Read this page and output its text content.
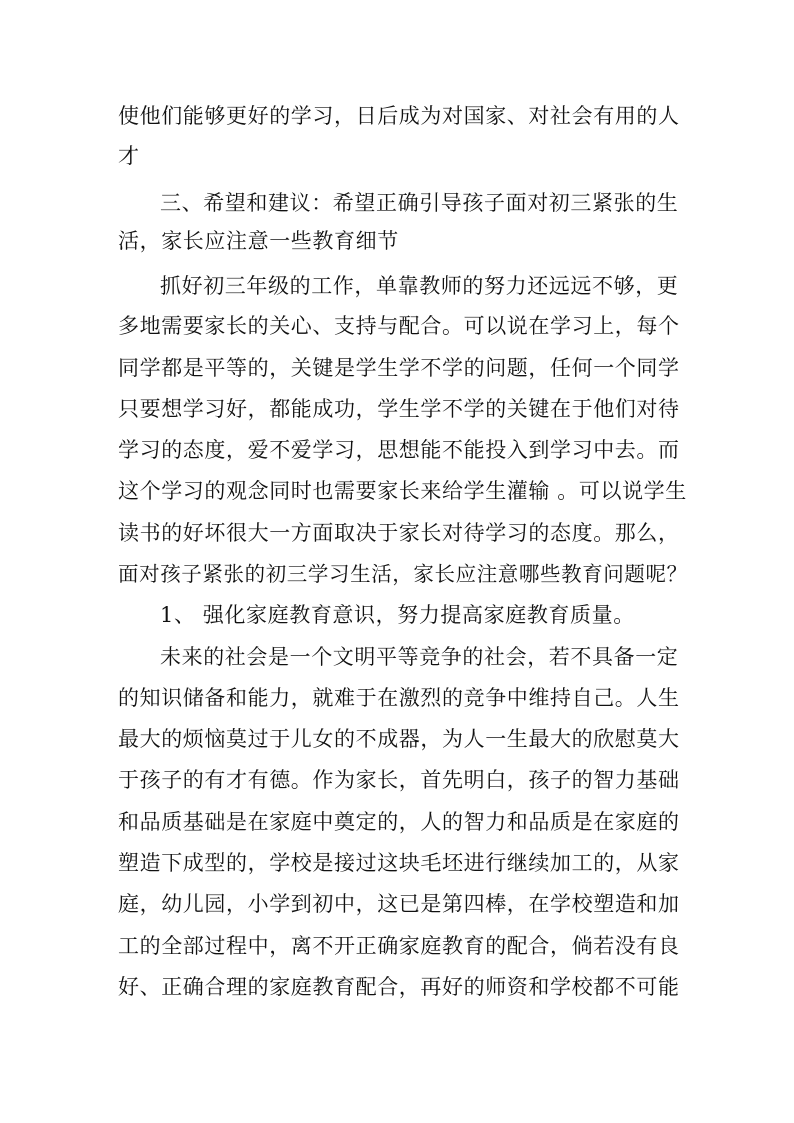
使他们能够更好的学习，日后成为对国家、对社会有用的人
才
三、希望和建议：希望正确引导孩子面对初三紧张的生
活，家长应注意一些教育细节
抓好初三年级的工作，单靠教师的努力还远远不够，更
多地需要家长的关心、支持与配合。可以说在学习上，每个
同学都是平等的，关键是学生学不学的问题，任何一个同学
只要想学习好，都能成功，学生学不学的关键在于他们对待
学习的态度，爱不爱学习，思想能不能投入到学习中去。而
这个学习的观念同时也需要家长来给学生灌输 。可以说学生
读书的好坏很大一方面取决于家长对待学习的态度。那么，
面对孩子紧张的初三学习生活，家长应注意哪些教育问题呢？
1、 强化家庭教育意识，努力提高家庭教育质量。
未来的社会是一个文明平等竞争的社会，若不具备一定
的知识储备和能力，就难于在激烈的竞争中维持自己。人生
最大的烦恼莫过于儿女的不成器，为人一生最大的欣慰莫大
于孩子的有才有德。作为家长，首先明白，孩子的智力基础
和品质基础是在家庭中奠定的，人的智力和品质是在家庭的
塑造下成型的，学校是接过这块毛坯进行继续加工的，从家
庭，幼儿园，小学到初中，这已是第四棒，在学校塑造和加
工的全部过程中，离不开正确家庭教育的配合，倘若没有良
好、正确合理的家庭教育配合，再好的师资和学校都不可能
